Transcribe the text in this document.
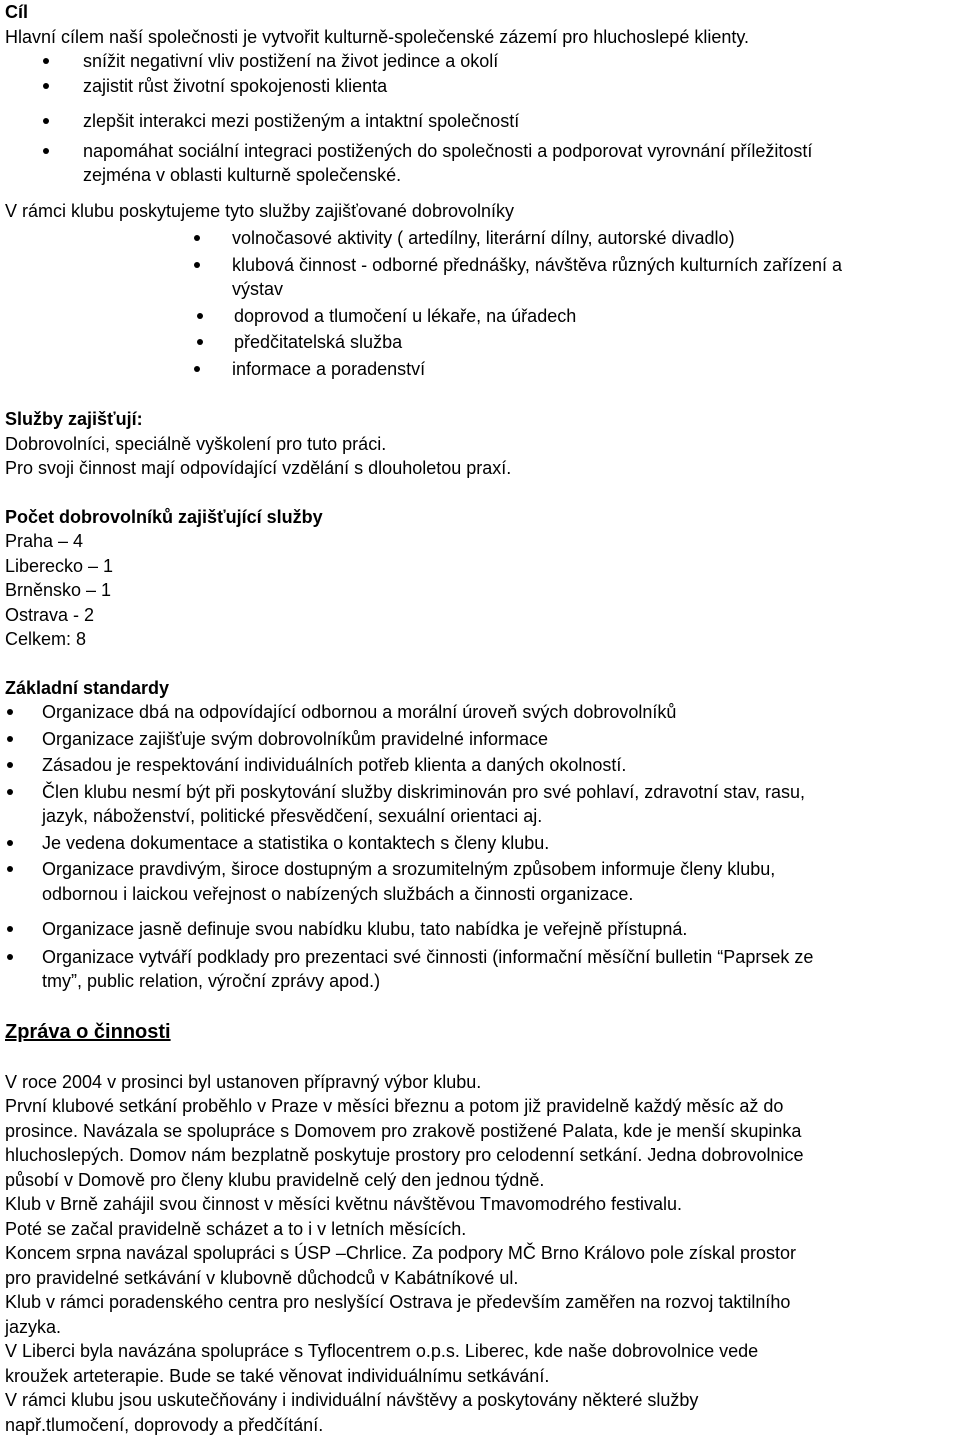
Cíl
Hlavní cílem naší společnosti je vytvořit kulturně-společenské zázemí pro hluchoslepé klienty.
snížit negativní vliv postižení na život jedince a okolí
zajistit růst životní spokojenosti klienta
zlepšit interakci mezi postiženým a intaktní společností
napomáhat sociální integraci postižených do společnosti a podporovat vyrovnání příležitostí
zejména v oblasti kulturně společenské.
V rámci klubu poskytujeme tyto služby zajišťované dobrovolníky
volnočasové aktivity ( artedílny, literární dílny, autorské divadlo)
klubová činnost - odborné přednášky, návštěva různých kulturních zařízení a
výstav
doprovod a tlumočení u lékaře, na úřadech
předčitatelská služba
informace a poradenství
Služby zajišťují:
Dobrovolníci, speciálně vyškolení pro tuto práci.
Pro svoji činnost mají odpovídající vzdělání s dlouholetou praxí.
Počet dobrovolníků zajišťující služby
Praha – 4
Liberecko – 1
Brněnsko – 1
Ostrava - 2
Celkem: 8
Základní standardy
Organizace dbá na odpovídající odbornou a morální úroveň svých dobrovolníků
Organizace zajišťuje svým dobrovolníkům pravidelné informace
Zásadou je respektování individuálních potřeb klienta a daných okolností.
Člen klubu nesmí být při poskytování služby diskriminován pro své pohlaví, zdravotní stav, rasu,
jazyk, náboženství, politické přesvědčení, sexuální orientaci aj.
Je vedena dokumentace a statistika o kontaktech s členy klubu.
Organizace pravdivým, široce dostupným a srozumitelným způsobem informuje členy klubu,
odbornou i laickou veřejnost o nabízených službách a činnosti organizace.
Organizace jasně definuje svou nabídku klubu, tato nabídka je veřejně přístupná.
Organizace vytváří podklady pro prezentaci své činnosti (informační měsíční bulletin “Paprsek ze
tmy”, public relation, výroční zprávy apod.)
Zpráva o činnosti
V roce 2004 v prosinci byl ustanoven přípravný výbor klubu.
První klubové setkání proběhlo v Praze v měsíci březnu a potom již pravidelně každý měsíc až do
prosince. Navázala se spolupráce s Domovem pro zrakově postižené Palata, kde je menší skupinka
hluchoslepých. Domov nám bezplatně poskytuje prostory pro celodenní setkání. Jedna dobrovolnice
působí v Domově pro členy klubu pravidelně celý den jednou týdně.
Klub v Brně zahájil svou činnost v měsíci květnu návštěvou Tmavomodrého festivalu.
Poté se začal pravidelně scházet a to i v letních měsících.
Koncem srpna navázal spolupráci s ÚSP –Chrlice. Za podpory MČ Brno Královo pole získal prostor
pro pravidelné setkávání v klubovně důchodců v Kabátníkové ul.
Klub v rámci poradenského centra pro neslyšící Ostrava je především zaměřen na rozvoj taktilního
jazyka.
V Liberci byla navázána spolupráce s Tyflocentrem o.p.s. Liberec, kde naše dobrovolnice vede
kroužek arteterapie. Bude se také věnovat individuálnímu setkávání.
V rámci klubu jsou uskutečňovány i individuální návštěvy a poskytovány některé služby
např.tlumočení, doprovody a předčítání.
